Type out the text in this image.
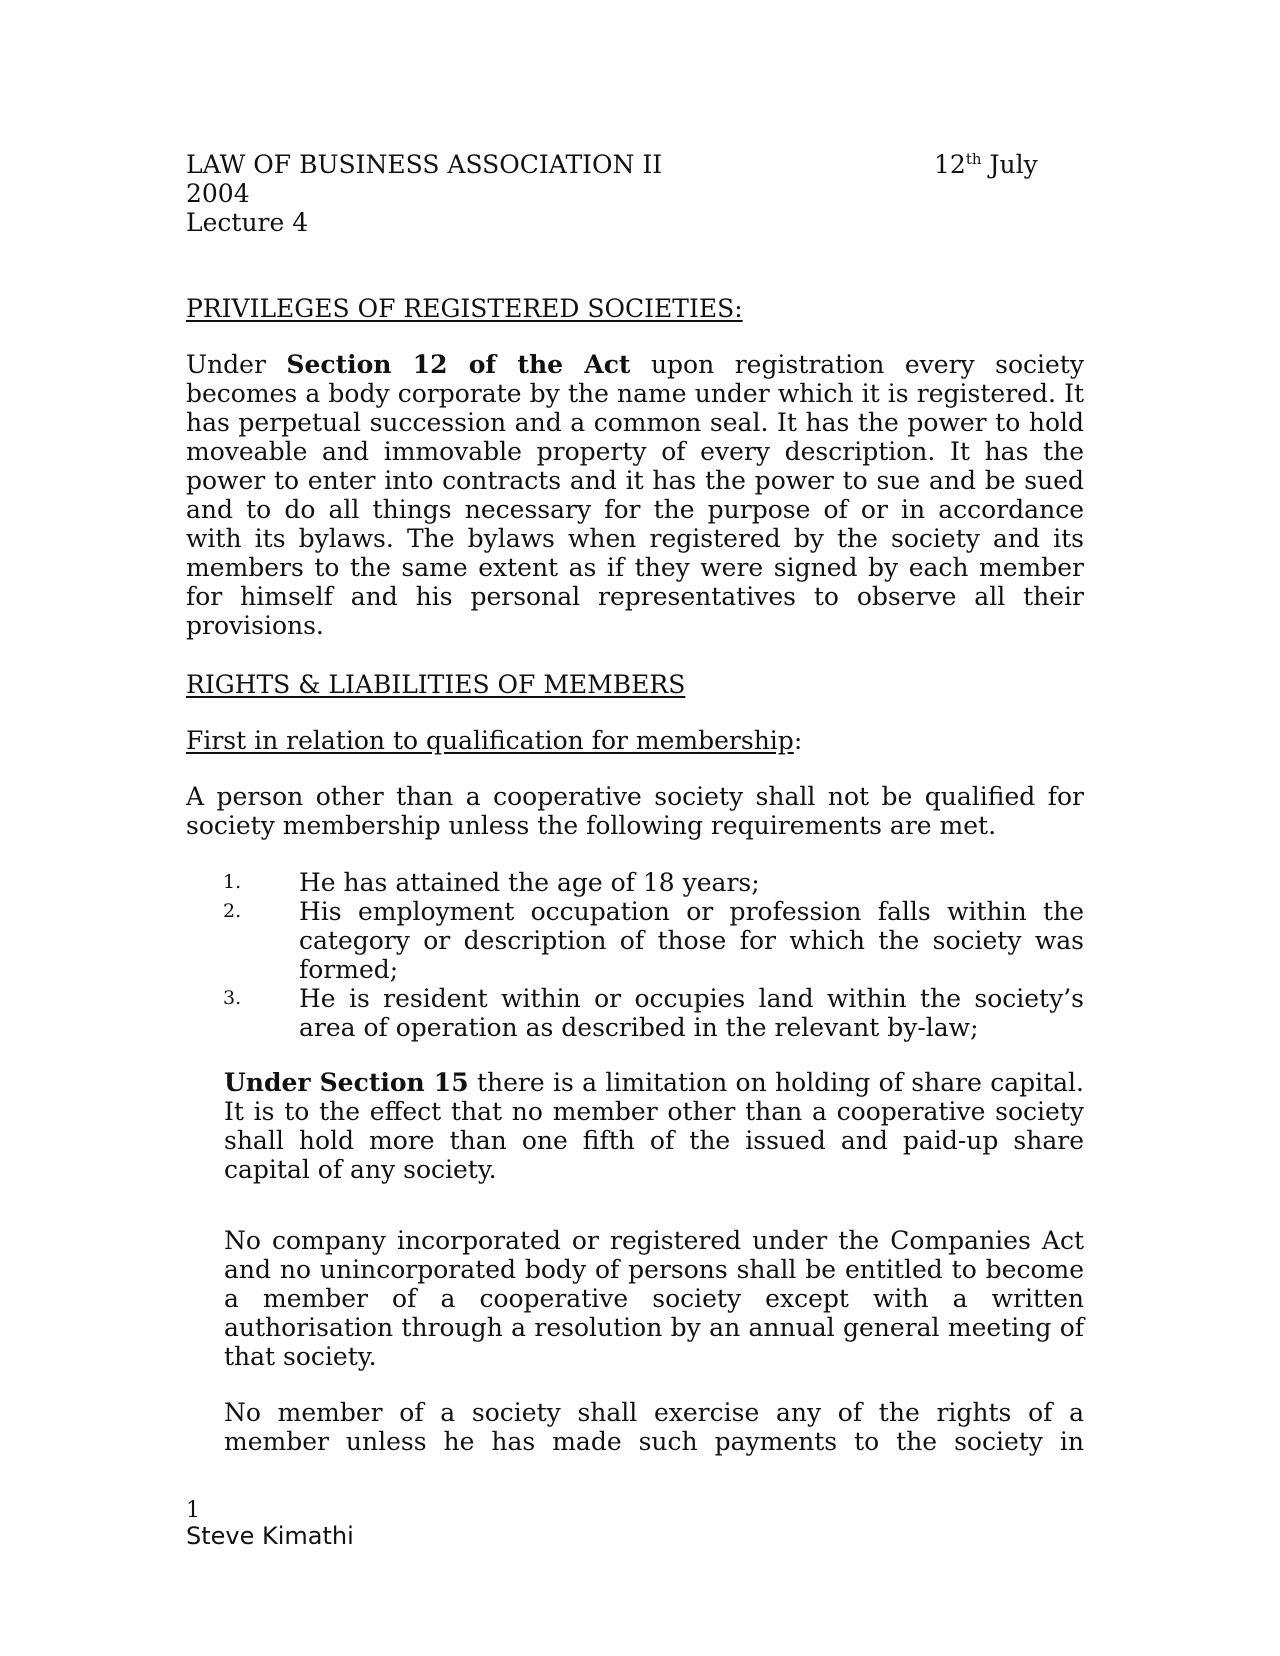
LAW OF BUSINESS ASSOCIATION II	12th July
2004
Lecture 4
PRIVILEGES OF REGISTERED SOCIETIES:
Under Section 12 of the Act upon registration every society becomes a body corporate by the name under which it is registered. It has perpetual succession and a common seal. It has the power to hold moveable and immovable property of every description. It has the power to enter into contracts and it has the power to sue and be sued and to do all things necessary for the purpose of or in accordance with its bylaws. The bylaws when registered by the society and its members to the same extent as if they were signed by each member for himself and his personal representatives to observe all their provisions.
RIGHTS & LIABILITIES OF MEMBERS
First in relation to qualification for membership:
A person other than a cooperative society shall not be qualified for society membership unless the following requirements are met.
1.	He has attained the age of 18 years;
2.	His employment occupation or profession falls within the category or description of those for which the society was formed;
3.	He is resident within or occupies land within the society’s area of operation as described in the relevant by-law;
Under Section 15 there is a limitation on holding of share capital. It is to the effect that no member other than a cooperative society shall hold more than one fifth of the issued and paid-up share capital of any society.
No company incorporated or registered under the Companies Act and no unincorporated body of persons shall be entitled to become a member of a cooperative society except with a written authorisation through a resolution by an annual general meeting of that society.
No member of a society shall exercise any of the rights of a member unless he has made such payments to the society in
1
Steve Kimathi
